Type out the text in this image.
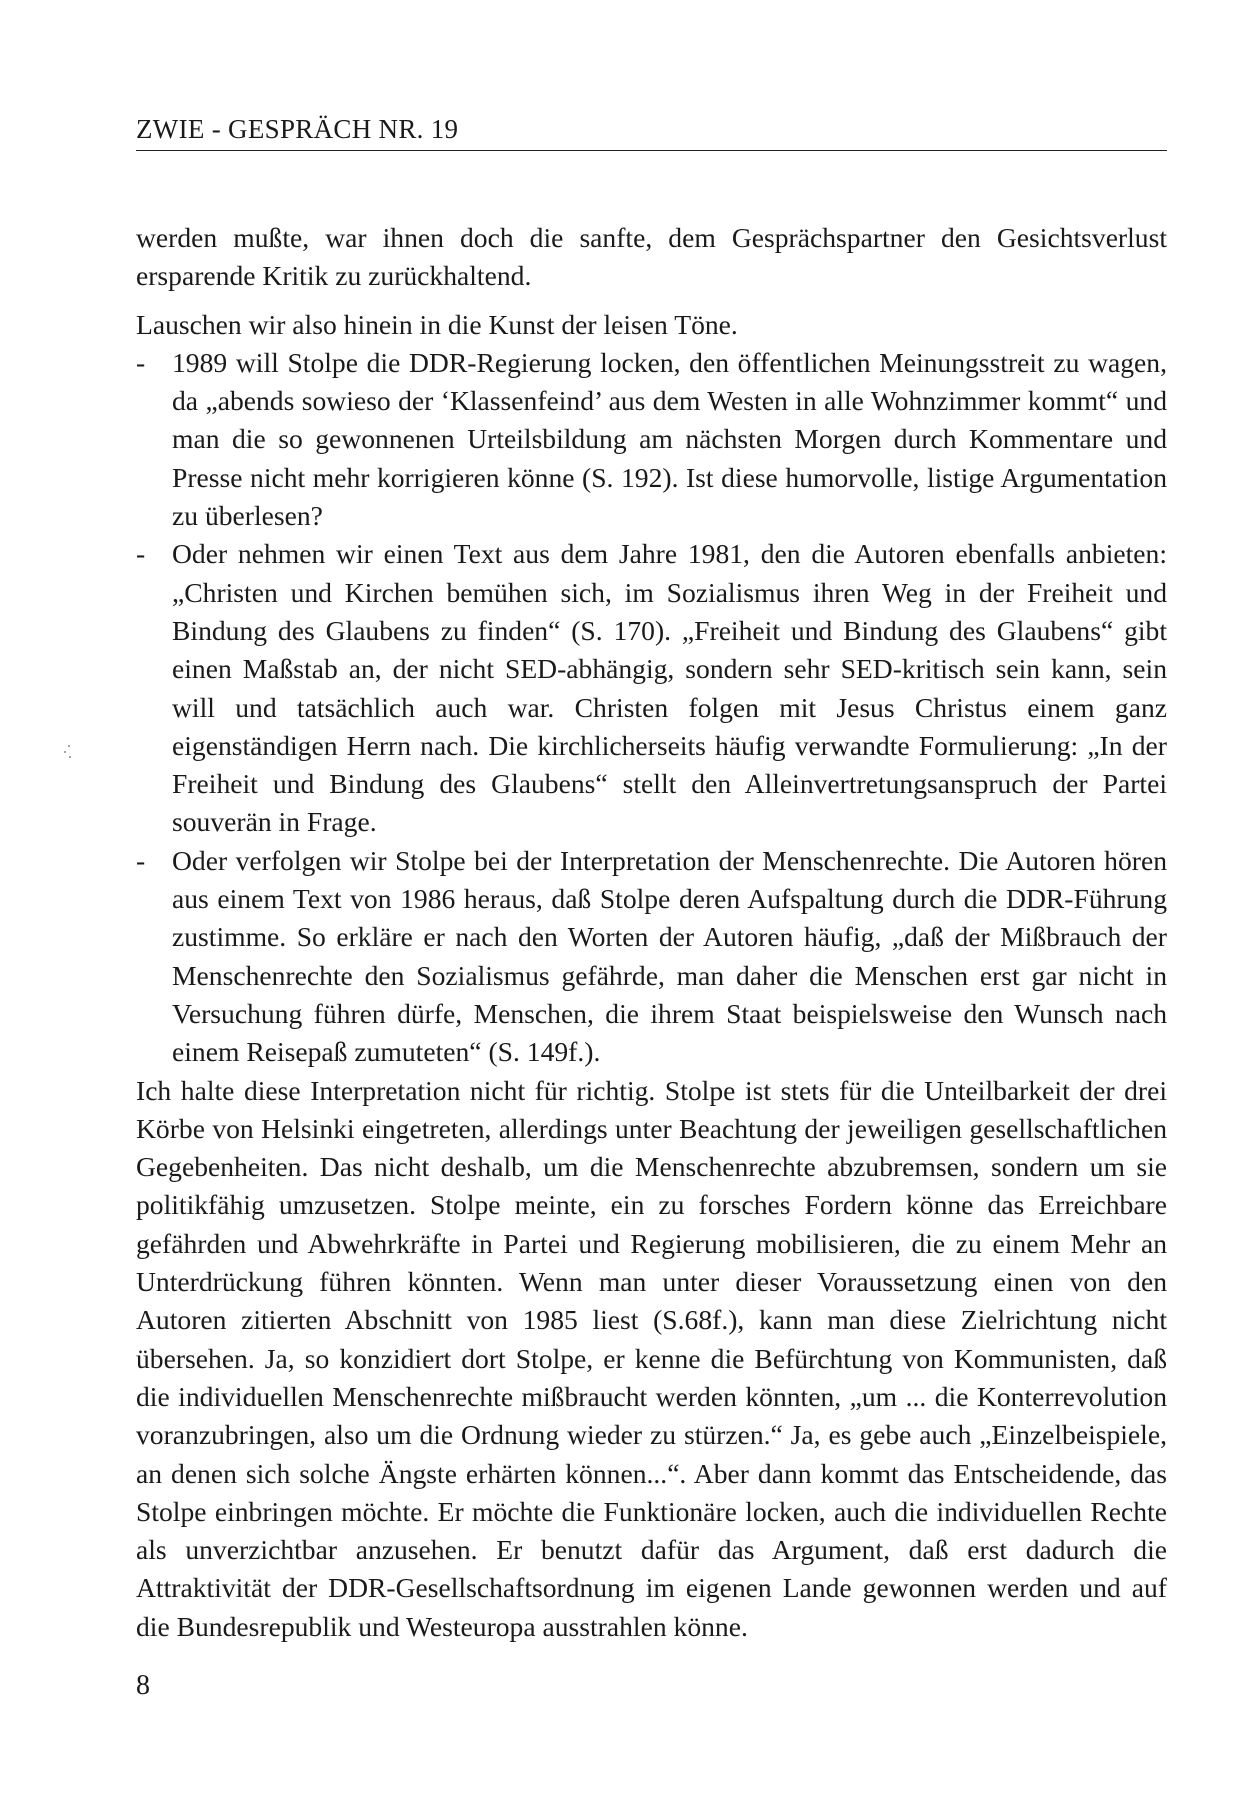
ZWIE - GESPRÄCH NR. 19

werden mußte, war ihnen doch die sanfte, dem Gesprächspartner den Gesichtsverlust ersparende Kritik zu zurückhaltend.

Lauschen wir also hinein in die Kunst der leisen Töne.

- 1989 will Stolpe die DDR-Regierung locken, den öffentlichen Meinungsstreit zu wagen, da „abends sowieso der ‘Klassenfeind’ aus dem Westen in alle Wohnzimmer kommt“ und man die so gewonnenen Urteilsbildung am nächsten Morgen durch Kommentare und Presse nicht mehr korrigieren könne (S. 192). Ist diese humorvolle, listige Argumentation zu überlesen?
- Oder nehmen wir einen Text aus dem Jahre 1981, den die Autoren ebenfalls anbieten: „Christen und Kirchen bemühen sich, im Sozialismus ihren Weg in der Freiheit und Bindung des Glaubens zu finden“ (S. 170). „Freiheit und Bindung des Glaubens“ gibt einen Maßstab an, der nicht SED-abhängig, sondern sehr SED-kritisch sein kann, sein will und tatsächlich auch war. Christen folgen mit Jesus Christus einem ganz eigenständigen Herrn nach. Die kirchlicherseits häufig verwandte Formulierung: „In der Freiheit und Bindung des Glaubens“ stellt den Alleinvertretungsanspruch der Partei souverän in Frage.
- Oder verfolgen wir Stolpe bei der Interpretation der Menschenrechte. Die Autoren hören aus einem Text von 1986 heraus, daß Stolpe deren Aufspaltung durch die DDR-Führung zustimme. So erkläre er nach den Worten der Autoren häufig, „daß der Mißbrauch der Menschenrechte den Sozialismus gefährde, man daher die Menschen erst gar nicht in Versuchung führen dürfe, Menschen, die ihrem Staat beispielsweise den Wunsch nach einem Reisepaß zumuteten“ (S. 149f.).

Ich halte diese Interpretation nicht für richtig. Stolpe ist stets für die Unteilbarkeit der drei Körbe von Helsinki eingetreten, allerdings unter Beachtung der jeweiligen gesellschaftlichen Gegebenheiten. Das nicht deshalb, um die Menschenrechte abzubremsen, sondern um sie politikfähig umzusetzen. Stolpe meinte, ein zu forsches Fordern könne das Erreichbare gefährden und Abwehrkräfte in Partei und Regierung mobilisieren, die zu einem Mehr an Unterdrückung führen könnten. Wenn man unter dieser Voraussetzung einen von den Autoren zitierten Abschnitt von 1985 liest (S.68f.), kann man diese Zielrichtung nicht übersehen. Ja, so konzidiert dort Stolpe, er kenne die Befürchtung von Kommunisten, daß die individuellen Menschenrechte mißbraucht werden könnten, „um ... die Konterrevolution voranzubringen, also um die Ordnung wieder zu stürzen.“ Ja, es gebe auch „Einzelbeispiele, an denen sich solche Ängste erhärten können...“. Aber dann kommt das Entscheidende, das Stolpe einbringen möchte. Er möchte die Funktionäre locken, auch die individuellen Rechte als unverzichtbar anzusehen. Er benutzt dafür das Argument, daß erst dadurch die Attraktivität der DDR-Gesellschaftsordnung im eigenen Lande gewonnen werden und auf die Bundesrepublik und Westeuropa ausstrahlen könne.

8
